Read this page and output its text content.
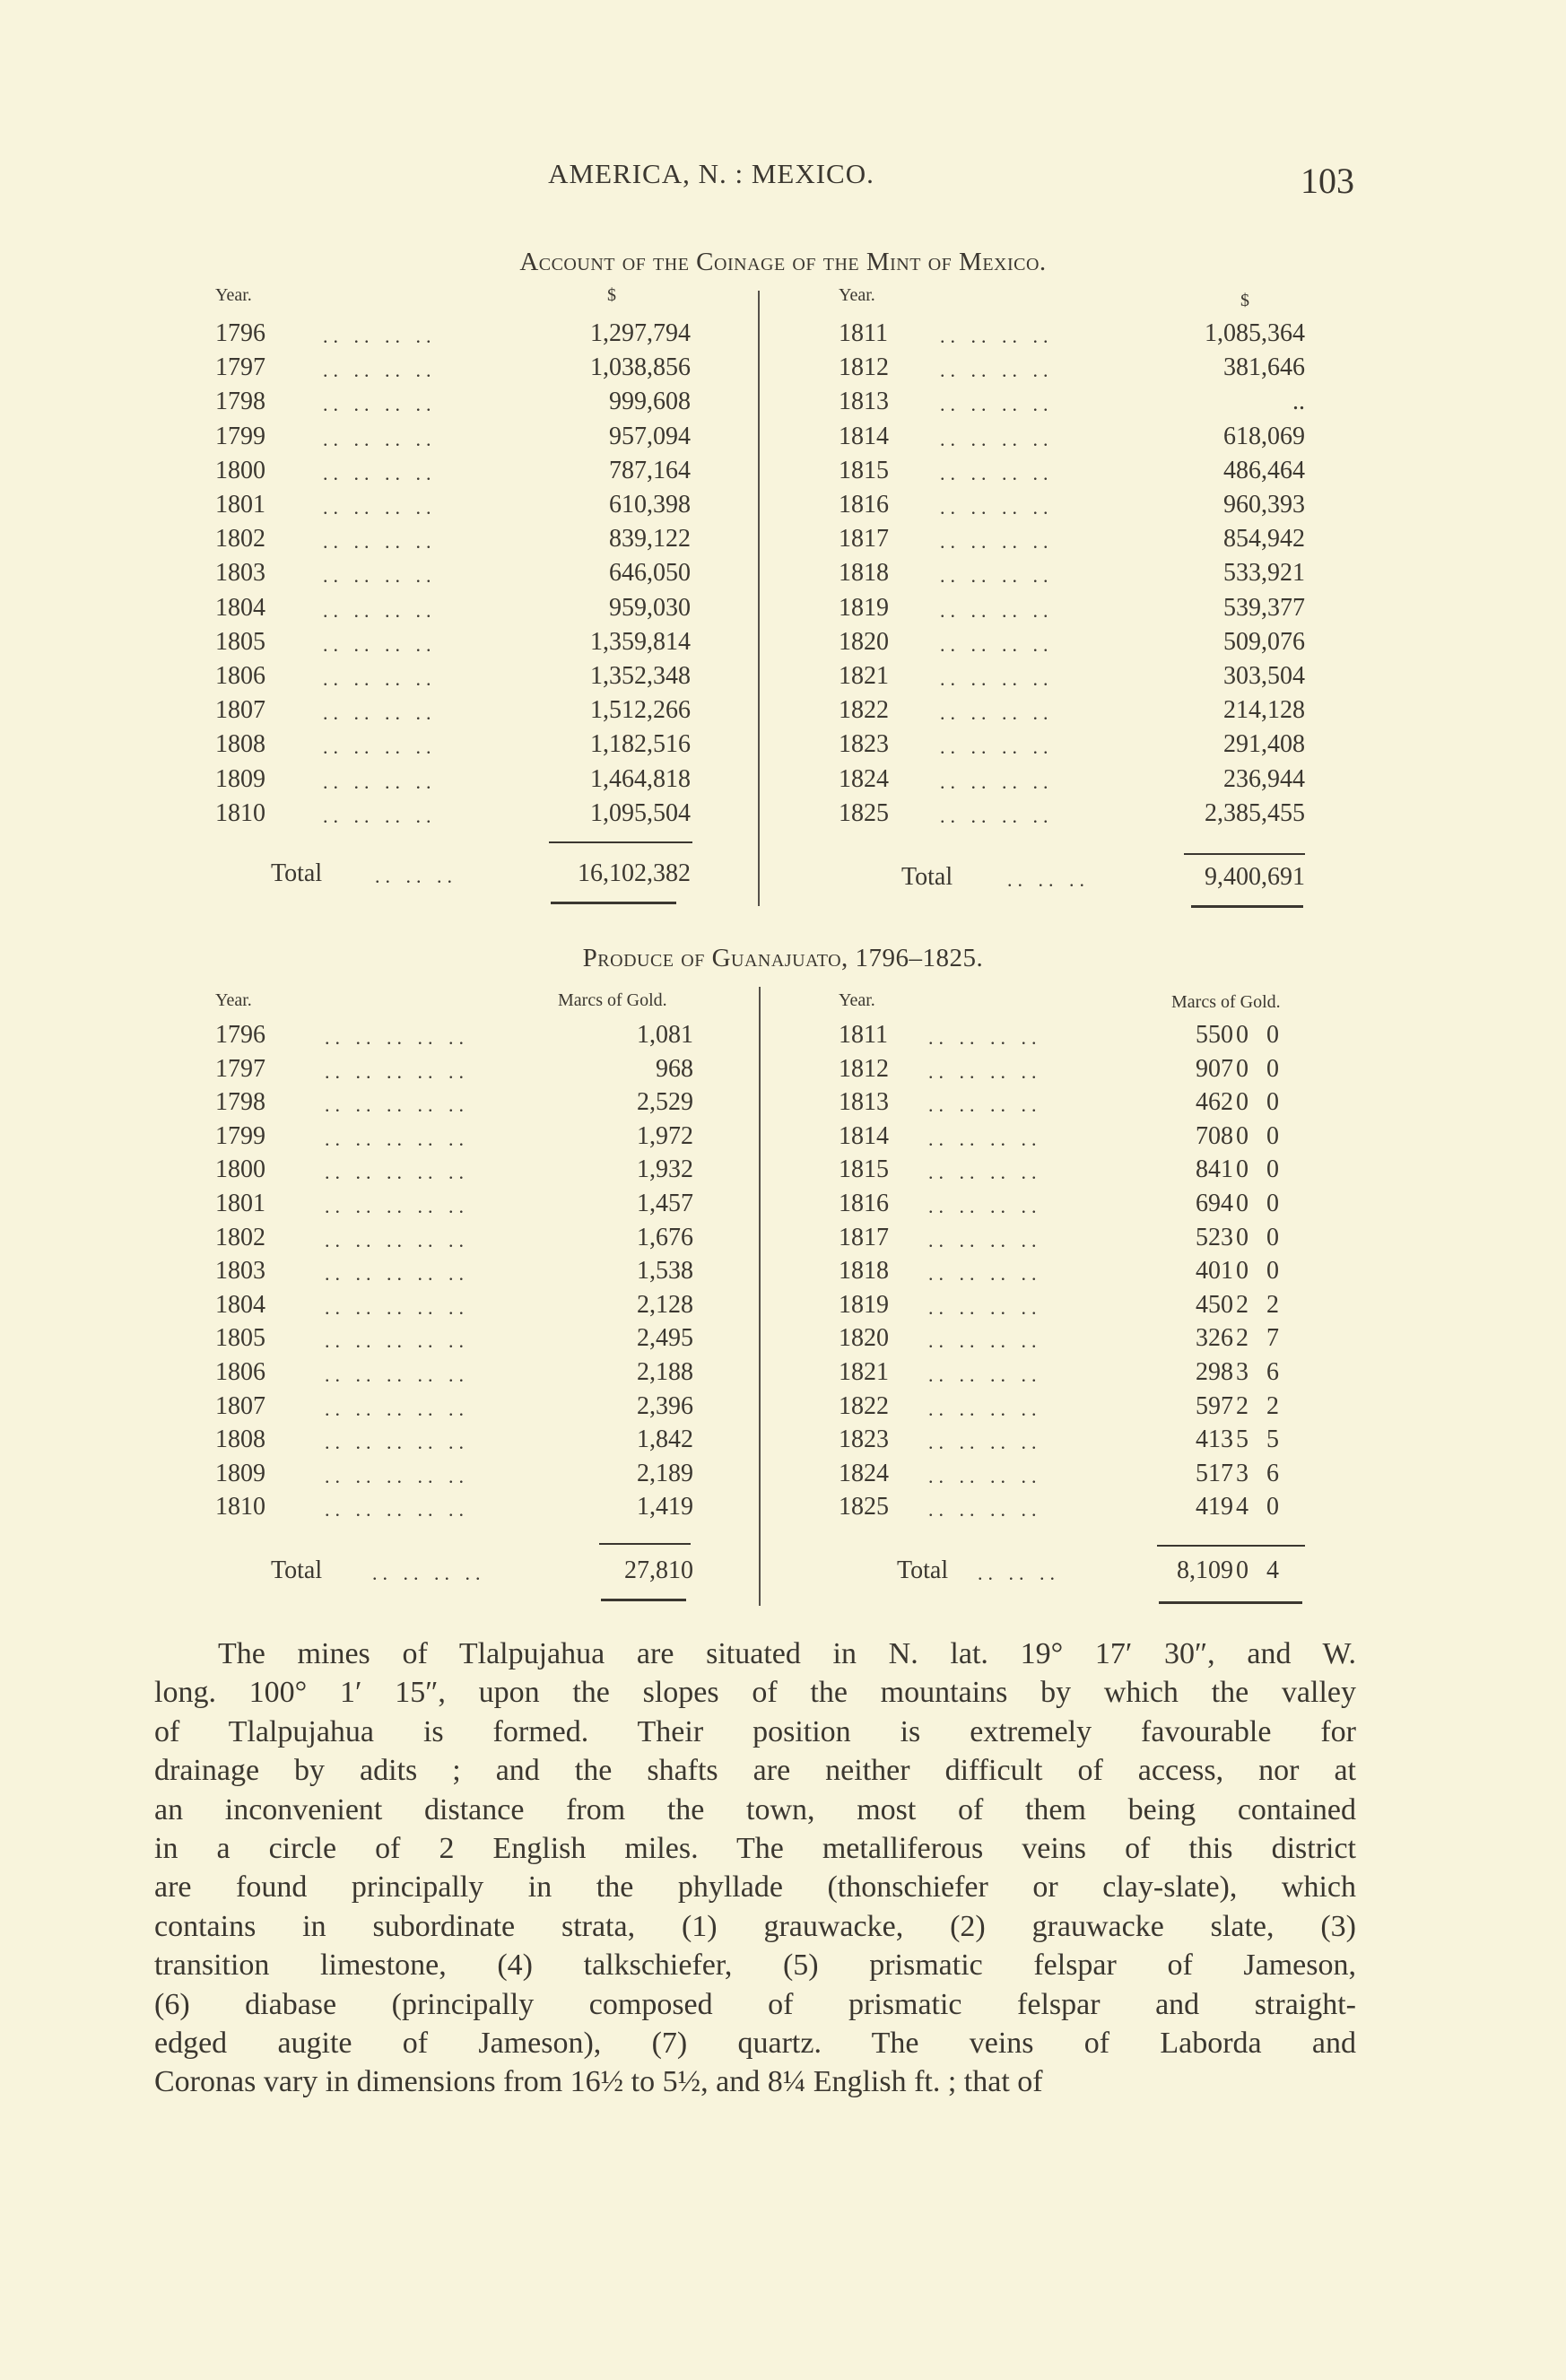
AMERICA, N. : MEXICO.	103
Account of the Coinage of the Mint of Mexico.
Year.	$	Year.	$
1796	.. .. .. ..	1,297,794
1797	.. .. .. ..	1,038,856
1798	.. .. .. ..	999,608
1799	.. .. .. ..	957,094
1800	.. .. .. ..	787,164
1801	.. .. .. ..	610,398
1802	.. .. .. ..	839,122
1803	.. .. .. ..	646,050
1804	.. .. .. ..	959,030
1805	.. .. .. ..	1,359,814
1806	.. .. .. ..	1,352,348
1807	.. .. .. ..	1,512,266
1808	.. .. .. ..	1,182,516
1809	.. .. .. ..	1,464,818
1810	.. .. .. ..	1,095,504
1811	.. .. .. ..	1,085,364
1812	.. .. .. ..	381,646
1813	.. .. .. ..	..
1814	.. .. .. ..	618,069
1815	.. .. .. ..	486,464
1816	.. .. .. ..	960,393
1817	.. .. .. ..	854,942
1818	.. .. .. ..	533,921
1819	.. .. .. ..	539,377
1820	.. .. .. ..	509,076
1821	.. .. .. ..	303,504
1822	.. .. .. ..	214,128
1823	.. .. .. ..	291,408
1824	.. .. .. ..	236,944
1825	.. .. .. ..	2,385,455
Total	.. .. ..	16,102,382	Total	.. .. ..	9,400,691
Produce of Guanajuato, 1796–1825.
Year.	Marcs of Gold.	Year.	Marcs of Gold.
1796	.. .. .. .. ..	1,081
1797	.. .. .. .. ..	968
1798	.. .. .. .. ..	2,529
1799	.. .. .. .. ..	1,972
1800	.. .. .. .. ..	1,932
1801	.. .. .. .. ..	1,457
1802	.. .. .. .. ..	1,676
1803	.. .. .. .. ..	1,538
1804	.. .. .. .. ..	2,128
1805	.. .. .. .. ..	2,495
1806	.. .. .. .. ..	2,188
1807	.. .. .. .. ..	2,396
1808	.. .. .. .. ..	1,842
1809	.. .. .. .. ..	2,189
1810	.. .. .. .. ..	1,419
1811 .. .. .. ..	550 0 0
1812 .. .. .. ..	907 0 0
1813 .. .. .. ..	462 0 0
1814 .. .. .. ..	708 0 0
1815 .. .. .. ..	841 0 0
1816 .. .. .. ..	694 0 0
1817 .. .. .. ..	523 0 0
1818 .. .. .. ..	401 0 0
1819 .. .. .. ..	450 2 2
1820 .. .. .. ..	326 2 7
1821 .. .. .. ..	298 3 6
1822 .. .. .. ..	597 2 2
1823 .. .. .. ..	413 5 5
1824 .. .. .. ..	517 3 6
1825 .. .. .. ..	419 4 0
Total	.. .. .. ..	27,810	Total .. .. ..	8,109 0 4
The mines of Tlalpujahua are situated in N. lat. 19° 17′ 30″, and W.
long. 100° 1′ 15″, upon the slopes of the mountains by which the valley
of Tlalpujahua is formed. Their position is extremely favourable for
drainage by adits ; and the shafts are neither difficult of access, nor at
an inconvenient distance from the town, most of them being contained
in a circle of 2 English miles. The metalliferous veins of this district
are found principally in the phyllade (thonschiefer or clay-slate), which
contains in subordinate strata, (1) grauwacke, (2) grauwacke slate, (3)
transition limestone, (4) talkschiefer, (5) prismatic felspar of Jameson,
(6) diabase (principally composed of prismatic felspar and straight-
edged augite of Jameson), (7) quartz. The veins of Laborda and
Coronas vary in dimensions from 16½ to 5½, and 8¼ English ft. ; that of
